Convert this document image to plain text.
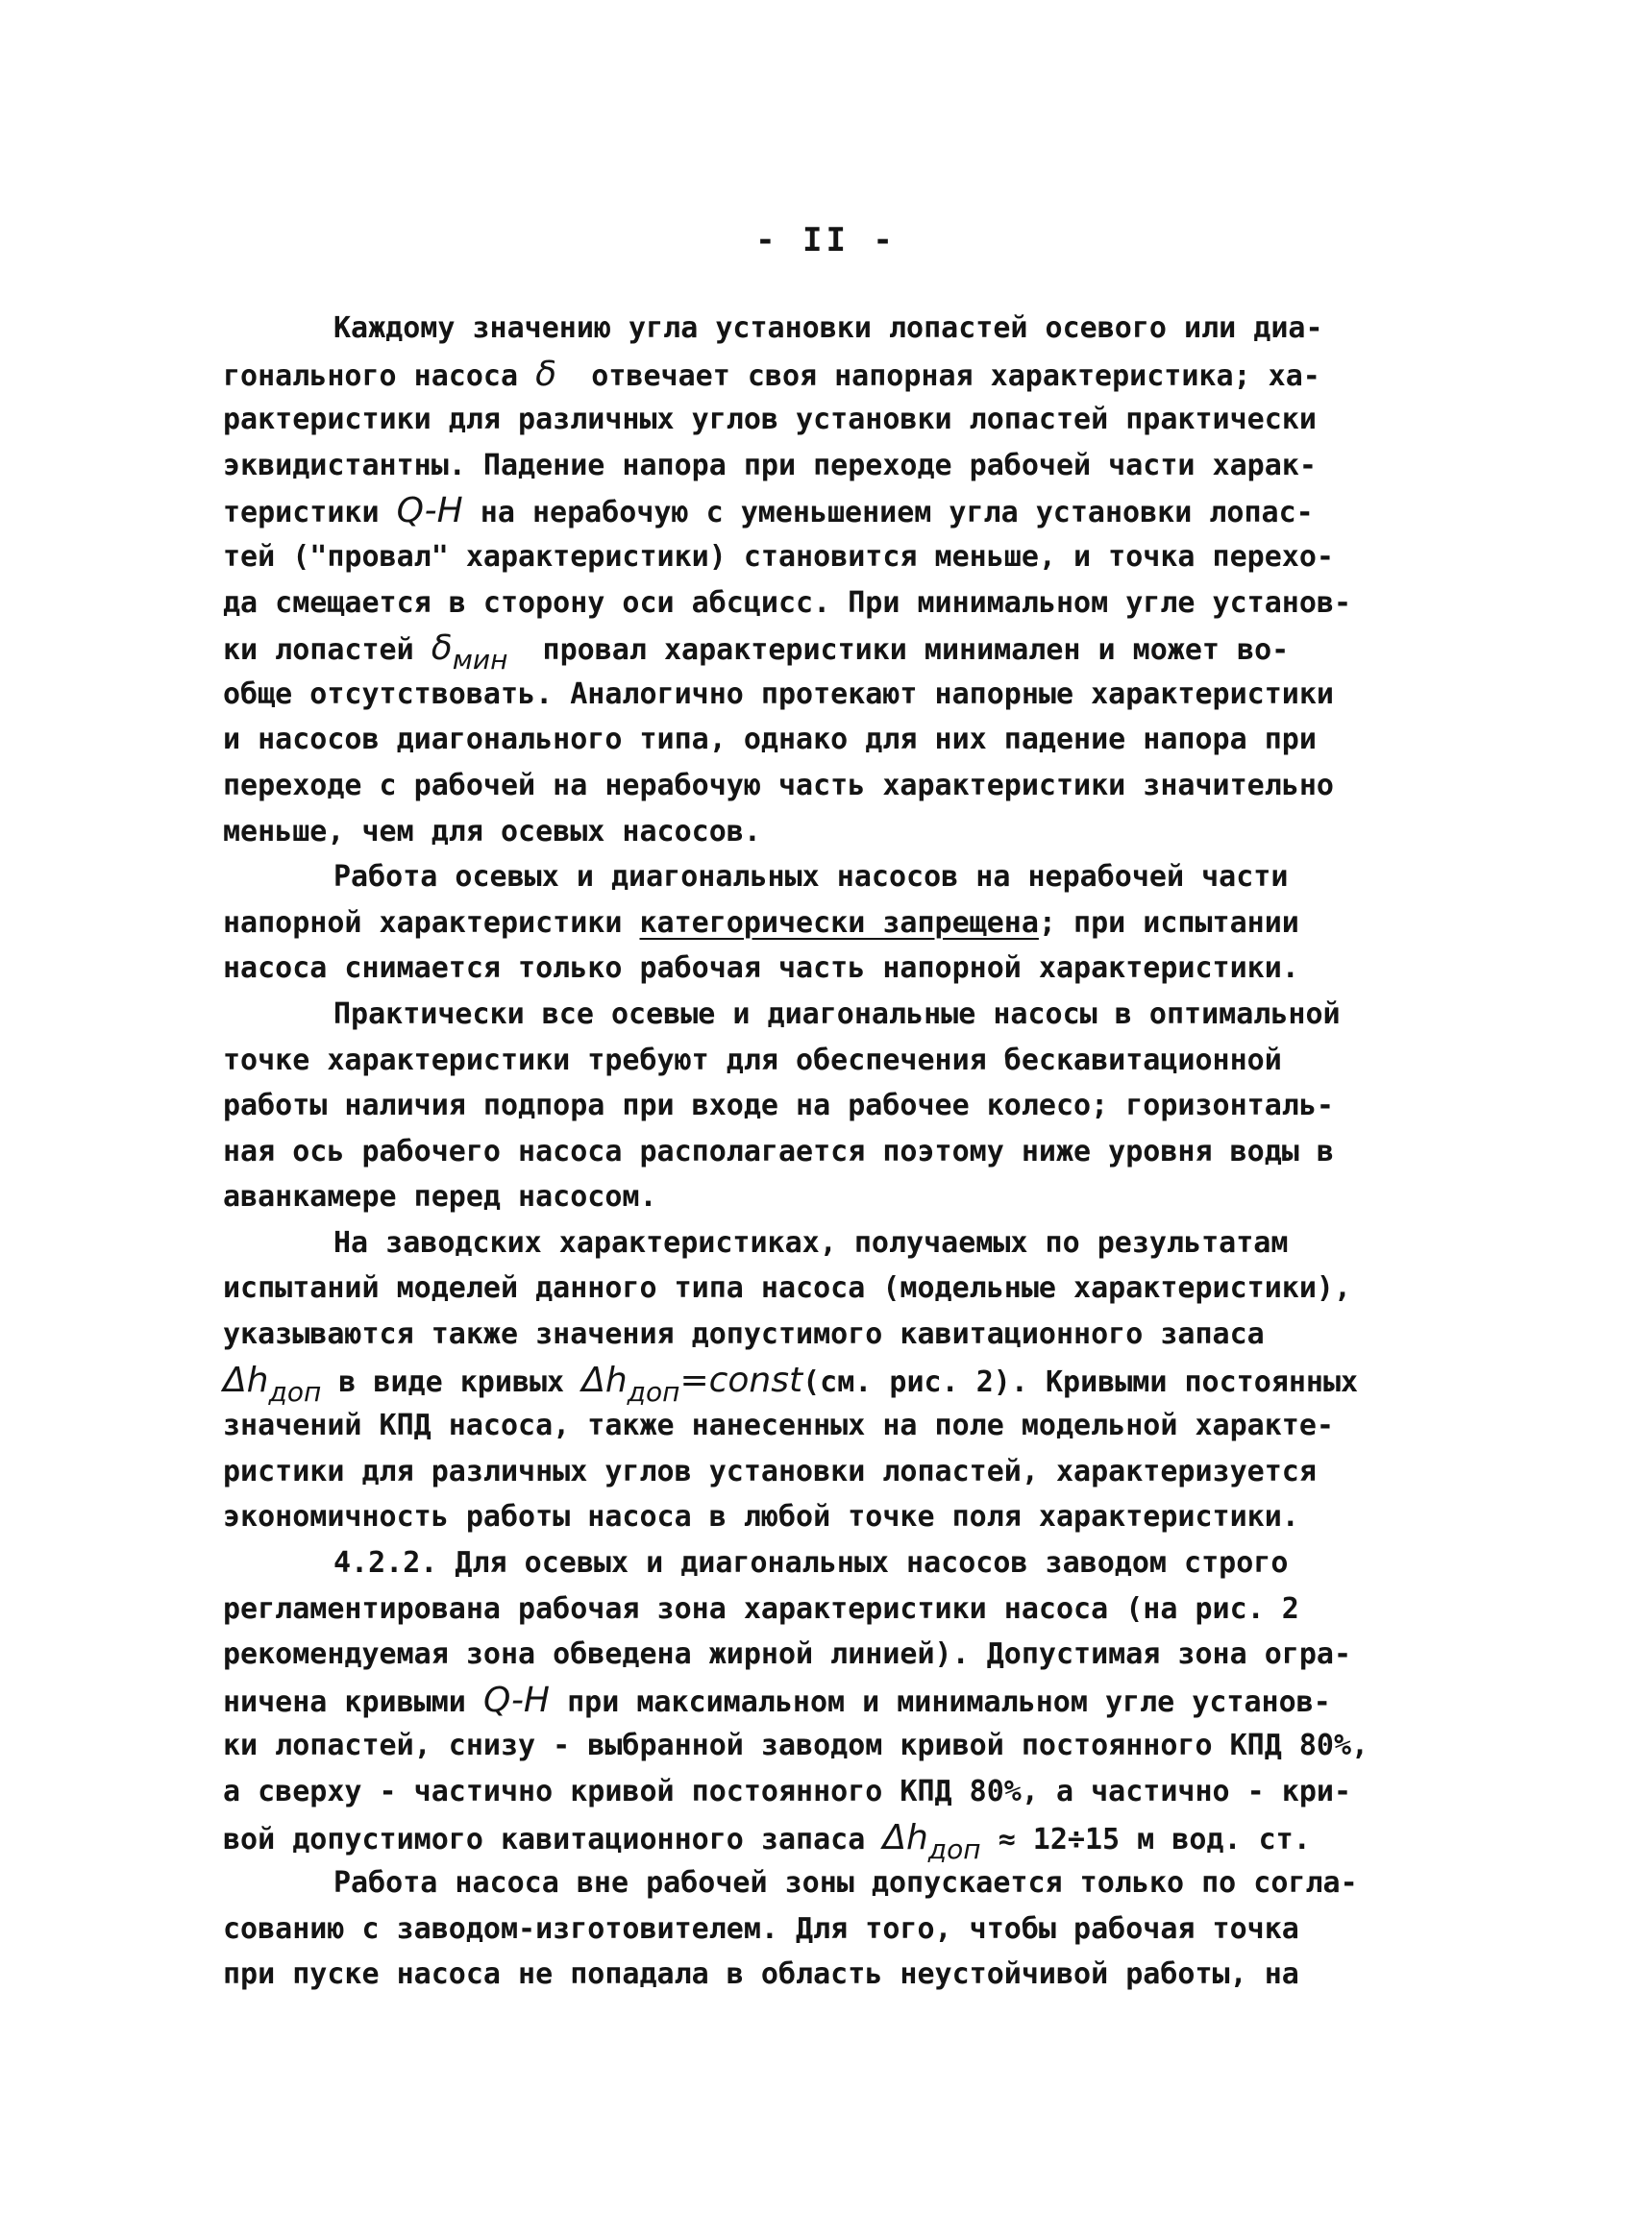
- II -
Каждому значению угла установки лопастей осевого или диа-
гонального насоса δ  отвечает своя напорная характеристика; ха-
рактеристики для различных углов установки лопастей практически
эквидистантны. Падение напора при переходе рабочей части харак-
теристики Q-H на нерабочую с уменьшением угла установки лопас-
тей ("провал" характеристики) становится меньше, и точка перехо-
да смещается в сторону оси абсцисс. При минимальном угле установ-
ки лопастей δмин  провал характеристики минимален и может во-
обще отсутствовать. Аналогично протекают напорные характеристики
и насосов диагонального типа, однако для них падение напора при
переходе с рабочей на нерабочую часть характеристики значительно
меньше, чем для осевых насосов.
Работа осевых и диагональных насосов на нерабочей части
напорной характеристики категорически запрещена; при испытании
насоса снимается только рабочая часть напорной характеристики.
Практически все осевые и диагональные насосы в оптимальной
точке характеристики требуют для обеспечения бескавитационной
работы наличия подпора при входе на рабочее колесо; горизонталь-
ная ось рабочего насоса располагается поэтому ниже уровня воды в
аванкамере перед насосом.
На заводских характеристиках, получаемых по результатам
испытаний моделей данного типа насоса (модельные характеристики),
указываются также значения допустимого кавитационного запаса
Δhдоп в виде кривых Δhдоп=const(см. рис. 2). Кривыми постоянных
значений КПД насоса, также нанесенных на поле модельной характе-
ристики для различных углов установки лопастей, характеризуется
экономичность работы насоса в любой точке поля характеристики.
4.2.2. Для осевых и диагональных насосов заводом строго
регламентирована рабочая зона характеристики насоса (на рис. 2
рекомендуемая зона обведена жирной линией). Допустимая зона огра-
ничена кривыми Q-H при максимальном и минимальном угле установ-
ки лопастей, снизу - выбранной заводом кривой постоянного КПД 80%,
а сверху - частично кривой постоянного КПД 80%, а частично - кри-
вой допустимого кавитационного запаса Δhдоп ≈ 12÷15 м вод. ст.
Работа насоса вне рабочей зоны допускается только по согла-
сованию с заводом-изготовителем. Для того, чтобы рабочая точка
при пуске насоса не попадала в область неустойчивой работы, на
